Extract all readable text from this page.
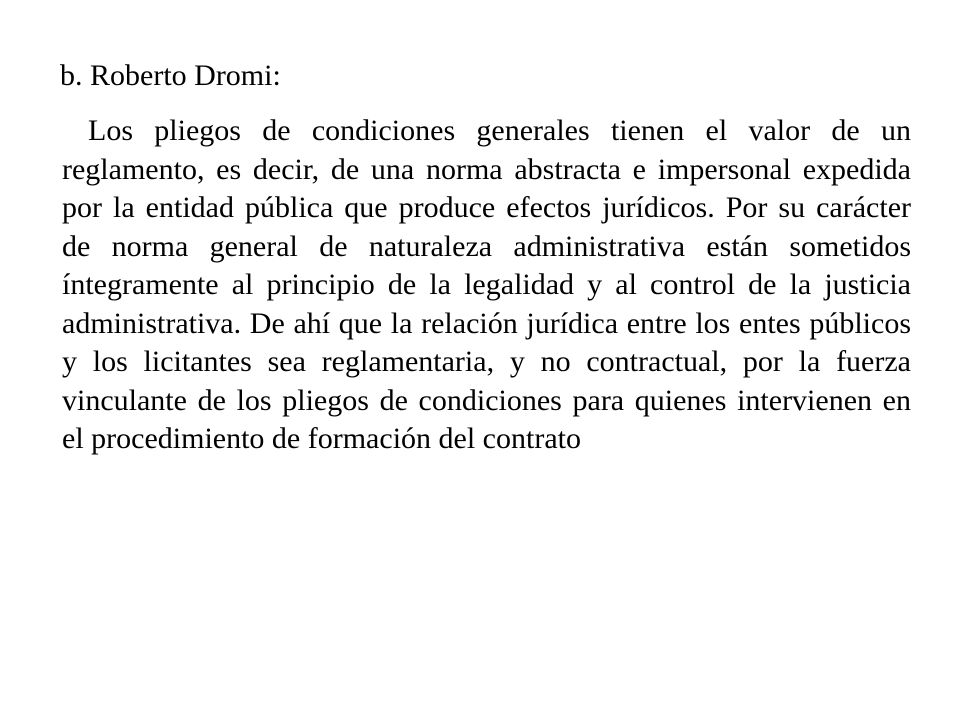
b. Roberto Dromi:

Los pliegos de condiciones generales tienen el valor de un reglamento, es decir, de una norma abstracta e impersonal expedida por la entidad pública que produce efectos jurídicos. Por su carácter de norma general de naturaleza administrativa están sometidos íntegramente al principio de la legalidad y al control de la justicia administrativa. De ahí que la relación jurídica entre los entes públicos y los licitantes sea reglamentaria, y no contractual, por la fuerza vinculante de los pliegos de condiciones para quienes intervienen en el procedimiento de formación del contrato
